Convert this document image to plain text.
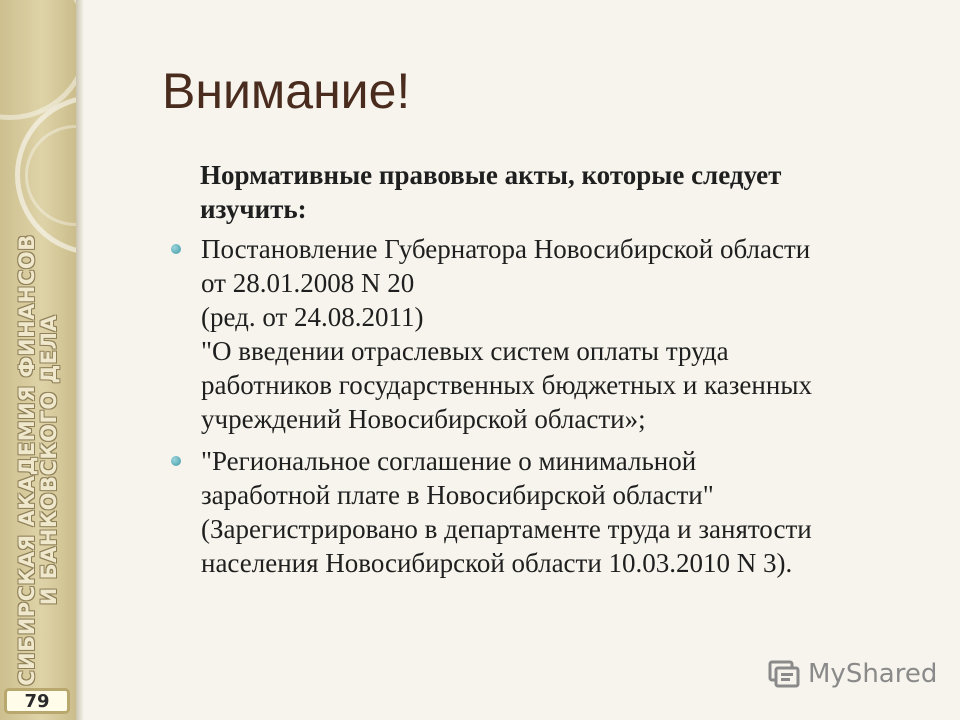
СИБИРСКАЯ АКАДЕМИЯ ФИНАНСОВ
И БАНКОВСКОГО ДЕЛА
79
Внимание!
Нормативные правовые акты, которые следует
изучить:
Постановление Губернатора Новосибирской области
от 28.01.2008 N 20
(ред. от 24.08.2011)
"О введении отраслевых систем оплаты труда
работников государственных бюджетных и казенных
учреждений Новосибирской области»;
"Региональное соглашение о минимальной
заработной плате в Новосибирской области"
(Зарегистрировано в департаменте труда и занятости
населения Новосибирской области 10.03.2010 N 3).
MyShared
